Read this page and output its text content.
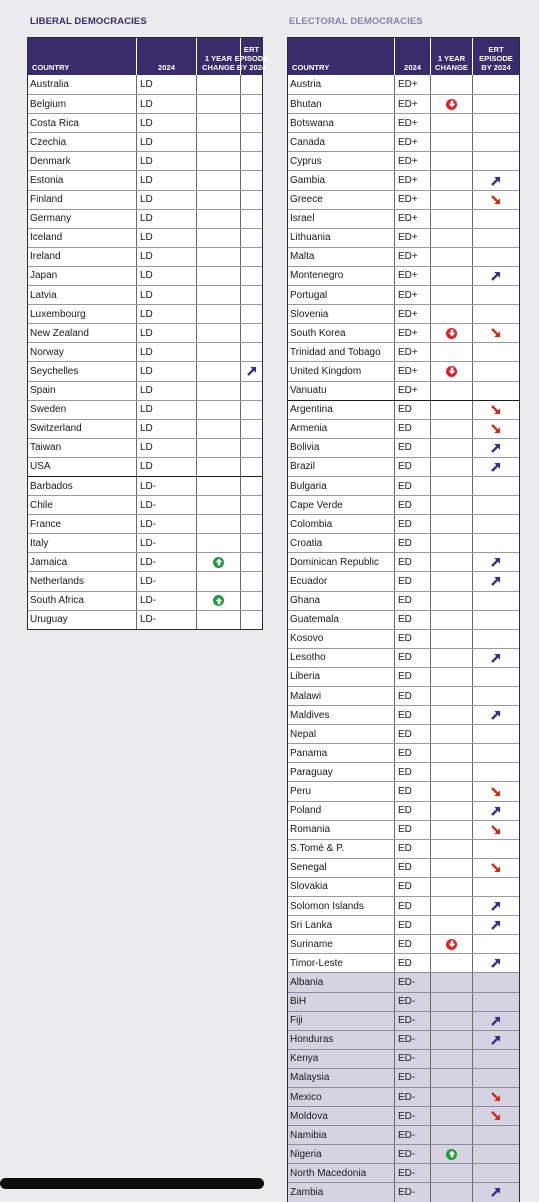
LIBERAL DEMOCRACIES
COUNTRY	2024
1 YEAR CHANGE
ERT EPISODE BY 2024
Australia	LD
Belgium	LD
Costa Rica	LD
Czechia	LD
Denmark	LD
Estonia	LD
Finland	LD
Germany	LD
Iceland	LD
Ireland	LD
Japan	LD
Latvia	LD
Luxembourg	LD
New Zealand	LD
Norway	LD
Seychelles	LD
Spain	LD
Sweden	LD
Switzerland	LD
Taiwan	LD
USA	LD
Barbados	LD-
Chile	LD-
France	LD-
Italy	LD-
Jamaica	LD-
Netherlands	LD-
South Africa	LD-
Uruguay	LD-
ELECTORAL DEMOCRACIES
COUNTRY	2024
1 YEAR CHANGE
ERT EPISODE BY 2024
Austria	ED+
Bhutan	ED+
Botswana	ED+
Canada	ED+
Cyprus	ED+
Gambia	ED+
Greece	ED+
Israel	ED+
Lithuania	ED+
Malta	ED+
Montenegro	ED+
Portugal	ED+
Slovenia	ED+
South Korea	ED+
Trinidad and Tobago	ED+
United Kingdom	ED+
Vanuatu	ED+
Argentina	ED
Armenia	ED
Bolivia	ED
Brazil	ED
Bulgaria	ED
Cape Verde	ED
Colombia	ED
Croatia	ED
Dominican Republic	ED
Ecuador	ED
Ghana	ED
Guatemala	ED
Kosovo	ED
Lesotho	ED
Liberia	ED
Malawi	ED
Maldives	ED
Nepal	ED
Panama	ED
Paraguay	ED
Peru	ED
Poland	ED
Romania	ED
S.Tomé & P.	ED
Senegal	ED
Slovakia	ED
Solomon Islands	ED
Sri Lanka	ED
Suriname	ED
Timor-Leste	ED
Albania	ED-
BiH	ED-
Fiji	ED-
Honduras	ED-
Kenya	ED-
Malaysia	ED-
Mexico	ED-
Moldova	ED-
Namibia	ED-
Nigeria	ED-
North Macedonia	ED-
Zambia	ED-
